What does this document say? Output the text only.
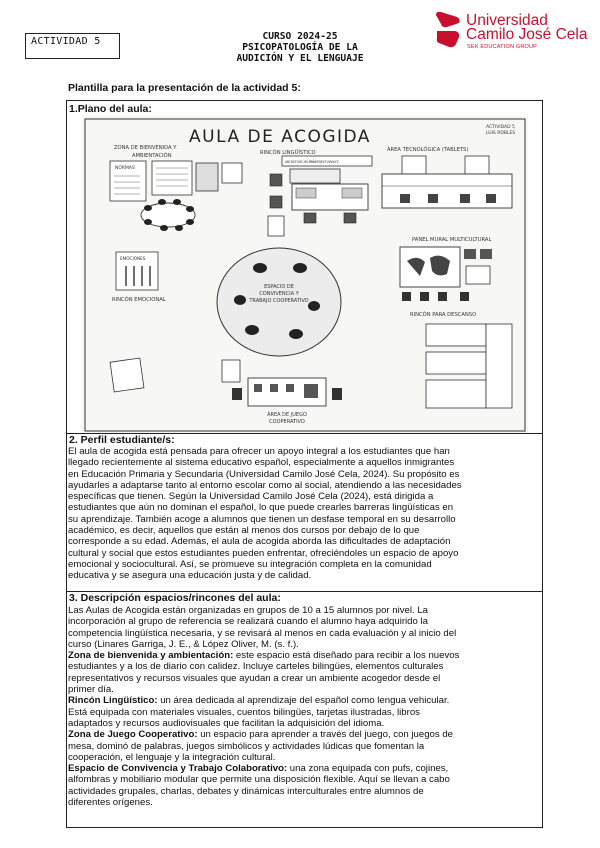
ACTIVIDAD 5	CURSO 2024-25
PSICOPATOLOGÍA DE LA
AUDICIÓN Y EL LENGUAJE
Universidad
Camilo José Cela
SEK EDUCATION GROUP
Plantilla para la presentación de la actividad 5:
1.Plano del aula:
AULA DE ACOGIDA	ACTIVIDAD 5
LUIS ROBLES
ZONA DE BIENVENIDA Y
AMBIENTACIÓN
NORMAS
RINCÓN LINGÜÍSTICO
ABCDEFGHIJKLMNÑOPQRSTUVWXYZ
ÁREA TECNOLÓGICA (TABLETS)
PANEL MURAL MULTICULTURAL
EMOCIONES
RINCÓN EMOCIONAL
ESPACIO DE
CONVIVENCIA Y
TRABAJO COOPERATIVO
RINCÓN PARA DESCANSO
ÁREA DE JUEGO
COOPERATIVO
2. Perfil estudiante/s:

El aula de acogida está pensada para ofrecer un apoyo integral a los estudiantes que han

llegado recientemente al sistema educativo español, especialmente a aquellos inmigrantes

en Educación Primaria y Secundaria (Universidad Camilo José Cela, 2024). Su propósito es

ayudarles a adaptarse tanto al entorno escolar como al social, atendiendo a las necesidades

específicas que tienen. Según la Universidad Camilo José Cela (2024), está dirigida a

estudiantes que aún no dominan el español, lo que puede crearles barreras lingüísticas en

su aprendizaje. También acoge a alumnos que tienen un desfase temporal en su desarrollo

académico, es decir, aquellos que están al menos dos cursos por debajo de lo que

corresponde a su edad. Además, el aula de acogida aborda las dificultades de adaptación

cultural y social que estos estudiantes pueden enfrentar, ofreciéndoles un espacio de apoyo

emocional y sociocultural. Así, se promueve su integración completa en la comunidad

educativa y se asegura una educación justa y de calidad.

3. Descripción espacios/rincones del aula:

Las Aulas de Acogida están organizadas en grupos de 10 a 15 alumnos por nivel. La

incorporación al grupo de referencia se realizará cuando el alumno haya adquirido la

competencia lingüística necesaria, y se revisará al menos en cada evaluación y al inicio del

curso (Linares Garriga, J. E., & López Oliver, M. (s. f.).

Zona de bienvenida y ambientación: este espacio está diseñado para recibir a los nuevos

estudiantes y a los de diario con calidez. Incluye carteles bilingües, elementos culturales

representativos y recursos visuales que ayudan a crear un ambiente acogedor desde el

primer día.

Rincón Lingüístico: un área dedicada al aprendizaje del español como lengua vehicular.

Está equipada con materiales visuales, cuentos bilingües, tarjetas ilustradas, libros

adaptados y recursos audiovisuales que facilitan la adquisición del idioma.

Zona de Juego Cooperativo: un espacio para aprender a través del juego, con juegos de

mesa, dominó de palabras, juegos simbólicos y actividades lúdicas que fomentan la

cooperación, el lenguaje y la integración cultural.

Espacio de Convivencia y Trabajo Colaborativo: una zona equipada con pufs, cojines,

alfombras y mobiliario modular que permite una disposición flexible. Aquí se llevan a cabo

actividades grupales, charlas, debates y dinámicas interculturales entre alumnos de

diferentes orígenes.
